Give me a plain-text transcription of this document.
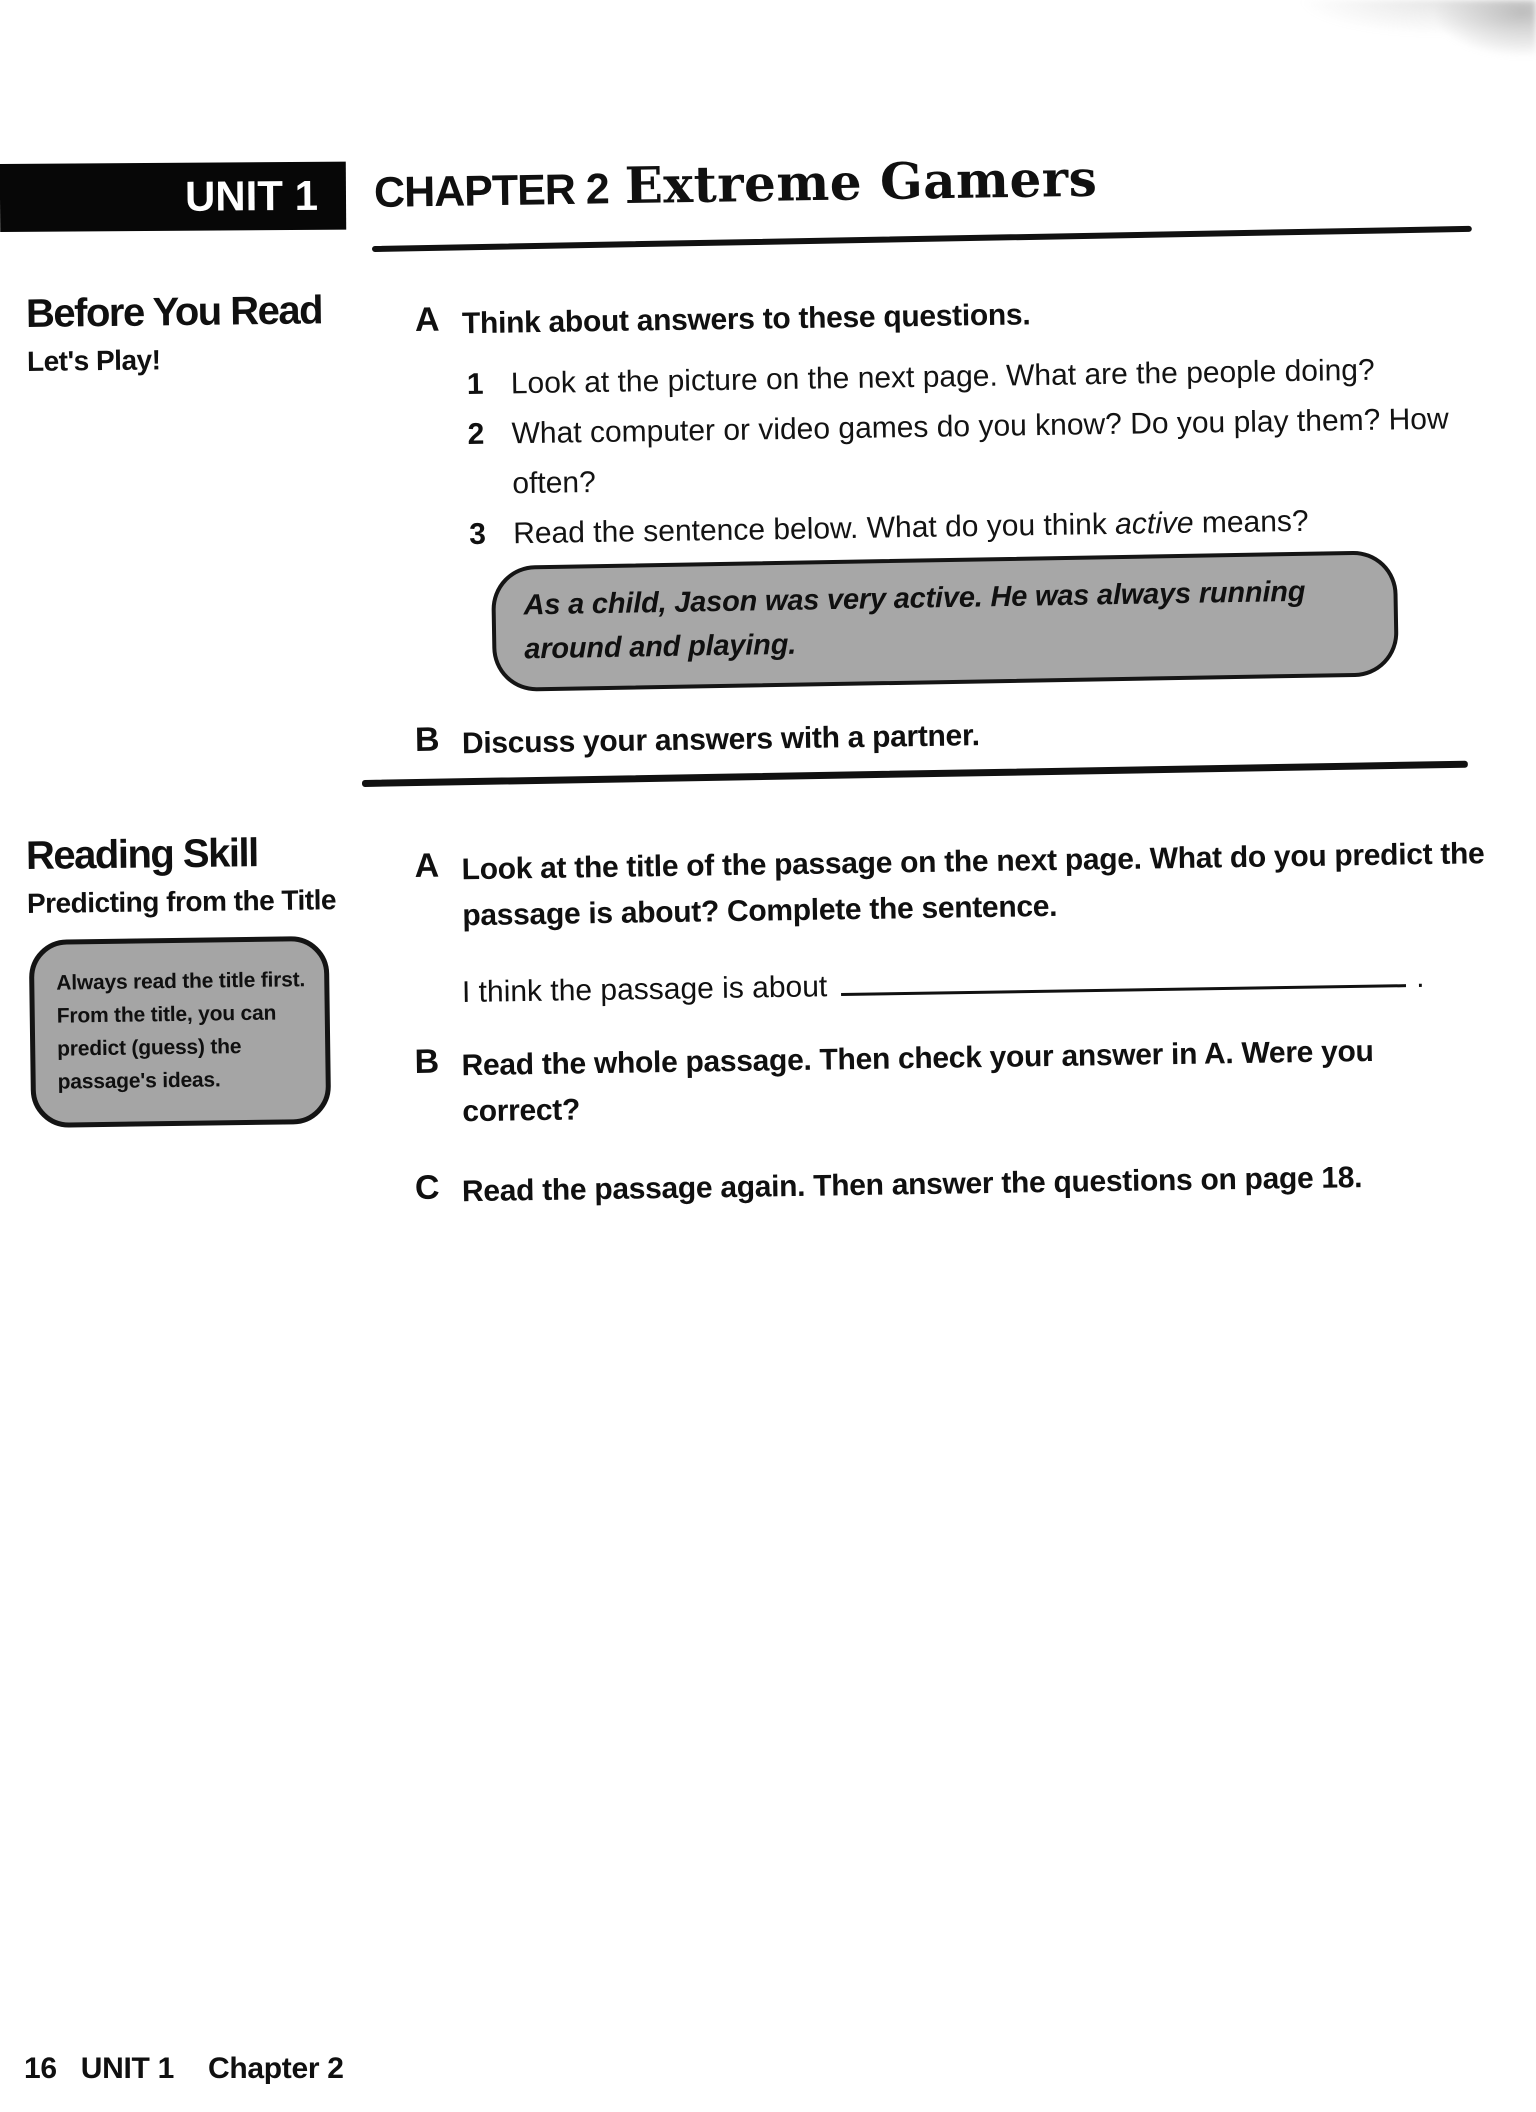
UNIT 1 CHAPTER 2 Extreme Gamers
Before You Read
Let's Play!
A Think about answers to these questions.
1 Look at the picture on the next page. What are the people doing?
2 What computer or video games do you know? Do you play them? How often?
3 Read the sentence below. What do you think active means?
As a child, Jason was very active. He was always running around and playing.
B Discuss your answers with a partner.
Reading Skill
Predicting from the Title
Always read the title first. From the title, you can predict (guess) the passage's ideas.
A Look at the title of the passage on the next page. What do you predict the passage is about? Complete the sentence.
I think the passage is about	.
B Read the whole passage. Then check your answer in A. Were you correct?
C Read the passage again. Then answer the questions on page 18.
16 UNIT 1 Chapter 2
